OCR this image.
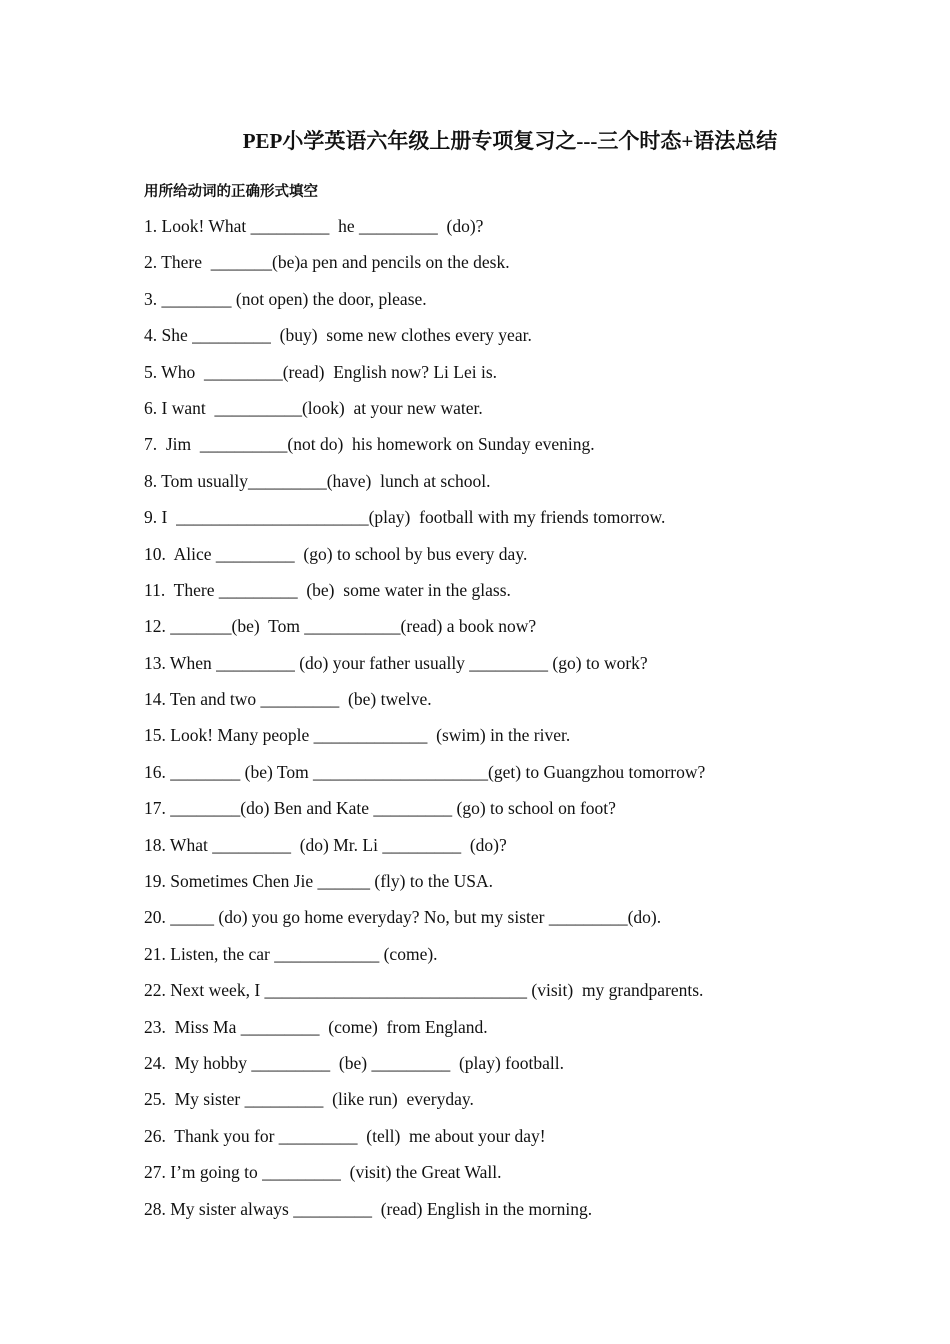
PEP小学英语六年级上册专项复习之---三个时态+语法总结
用所给动词的正确形式填空
1. Look! What _________  he _________  (do)?
2. There  _______(be)a pen and pencils on the desk.
3. ________ (not open) the door, please.
4. She _________  (buy)  some new clothes every year.
5. Who  _________(read)  English now? Li Lei is.
6. I want  __________(look)  at your new water.
7.  Jim  __________(not do)  his homework on Sunday evening.
8. Tom usually_________(have)  lunch at school.
9. I  ______________________(play)  football with my friends tomorrow.
10.  Alice _________  (go) to school by bus every day.
11.  There _________  (be)  some water in the glass.
12. _______(be)  Tom ___________(read) a book now?
13. When _________ (do) your father usually _________ (go) to work?
14. Ten and two _________  (be) twelve.
15. Look! Many people _____________  (swim) in the river.
16. ________ (be) Tom ____________________(get) to Guangzhou tomorrow?
17. ________(do) Ben and Kate _________ (go) to school on foot?
18. What _________  (do) Mr. Li _________  (do)?
19. Sometimes Chen Jie ______ (fly) to the USA.
20. _____ (do) you go home everyday? No, but my sister _________(do).
21. Listen, the car ____________ (come).
22. Next week, I ______________________________ (visit)  my grandparents.
23.  Miss Ma _________  (come)  from England.
24.  My hobby _________  (be) _________  (play) football.
25.  My sister _________  (like run)  everyday.
26.  Thank you for _________  (tell)  me about your day!
27. I’m going to _________  (visit) the Great Wall.
28. My sister always _________  (read) English in the morning.
